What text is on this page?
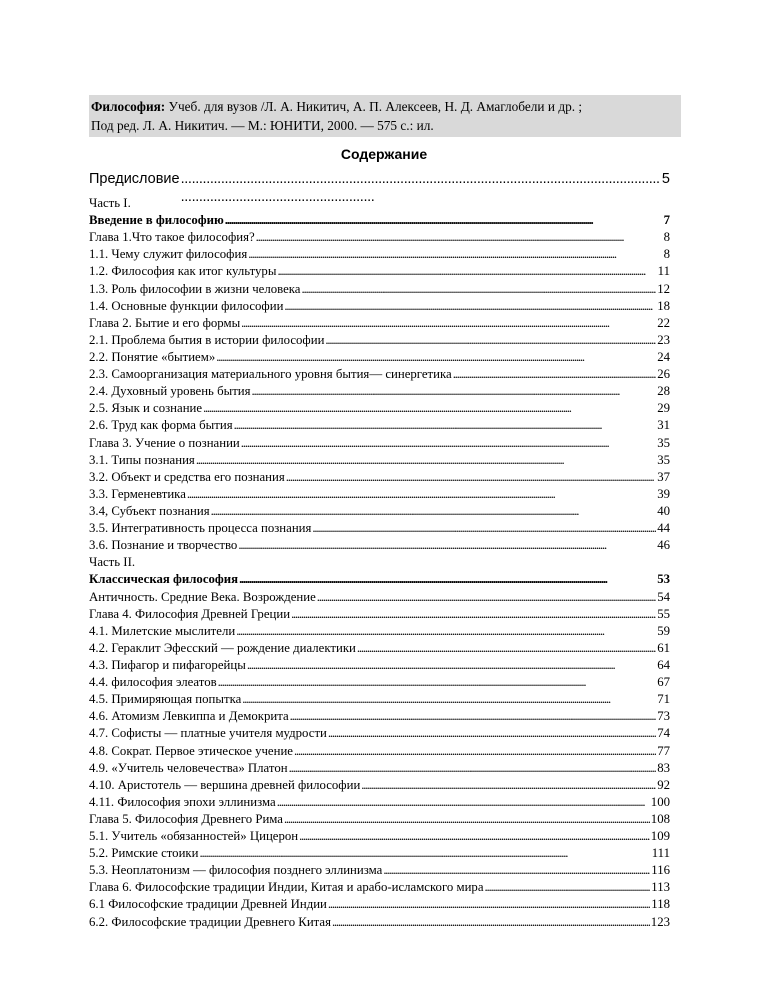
Философия: Учеб. для вузов /Л. А. Никитич, А. П. Алексеев, Н. Д. Амаглобели и др. ;
Под ред. Л. А. Никитич. — М.: ЮНИТИ, 2000. — 575 с.: ил.
Содержание
Предисловие . . .	5
Часть I.
Введение в философию . . .	7
Глава 1.Что такое философия? . . .	8
1.1. Чему служит философия . . .	8
1.2. Философия как итог культуры . . .	11
1.3. Роль философии в жизни человека . . .	12
1.4. Основные функции философии . . .	18
Глава 2. Бытие и его формы . . .	22
2.1. Проблема бытия в истории философии . . .	23
2.2. Понятие «бытием» . . .	24
2.3. Самоорганизация материального уровня бытия— синергетика . . .	26
2.4. Духовный уровень бытия . . .	28
2.5. Язык и сознание . . .	29
2.6. Труд как форма бытия . . .	31
Глава 3. Учение о познании . . .	35
3.1. Типы познания . . .	35
3.2. Объект и средства его познания . . .	37
3.3. Герменевтика . . .	39
3.4, Субъект познания . . .	40
3.5. Интегративность процесса познания . . .	44
3.6. Познание и творчество . . .	46
Часть II.
Классическая философия . . .	53
Античность. Средние Века. Возрождение . . .	54
Глава 4. Философия Древней Греции . . .	55
4.1. Милетские мыслители . . .	59
4.2. Гераклит Эфесский — рождение диалектики . . .	61
4.3. Пифагор и пифагорейцы . . .	64
4.4. философия элеатов . . .	67
4.5. Примиряющая попытка . . .	71
4.6. Атомизм Левкиппа и Демокрита . . .	73
4.7. Софисты — платные учителя мудрости . . .	74
4.8. Сократ. Первое этическое учение . . .	77
4.9. «Учитель человечества» Платон . . .	83
4.10. Аристотель — вершина древней философии . . .	92
4.11. Философия эпохи эллинизма . . .	100
Глава 5. Философия Древнего Рима . . .	108
5.1. Учитель «обязанностей» Цицерон . . .	109
5.2. Римские стоики . . .	111
5.3. Неоплатонизм — философия позднего эллинизма . . .	116
Глава 6. Философские традиции Индии, Китая и арабо-исламского мира . . .	113
6.1 Философские традиции Древней Индии . . .	118
6.2. Философские традиции Древнего Китая . . .	123
